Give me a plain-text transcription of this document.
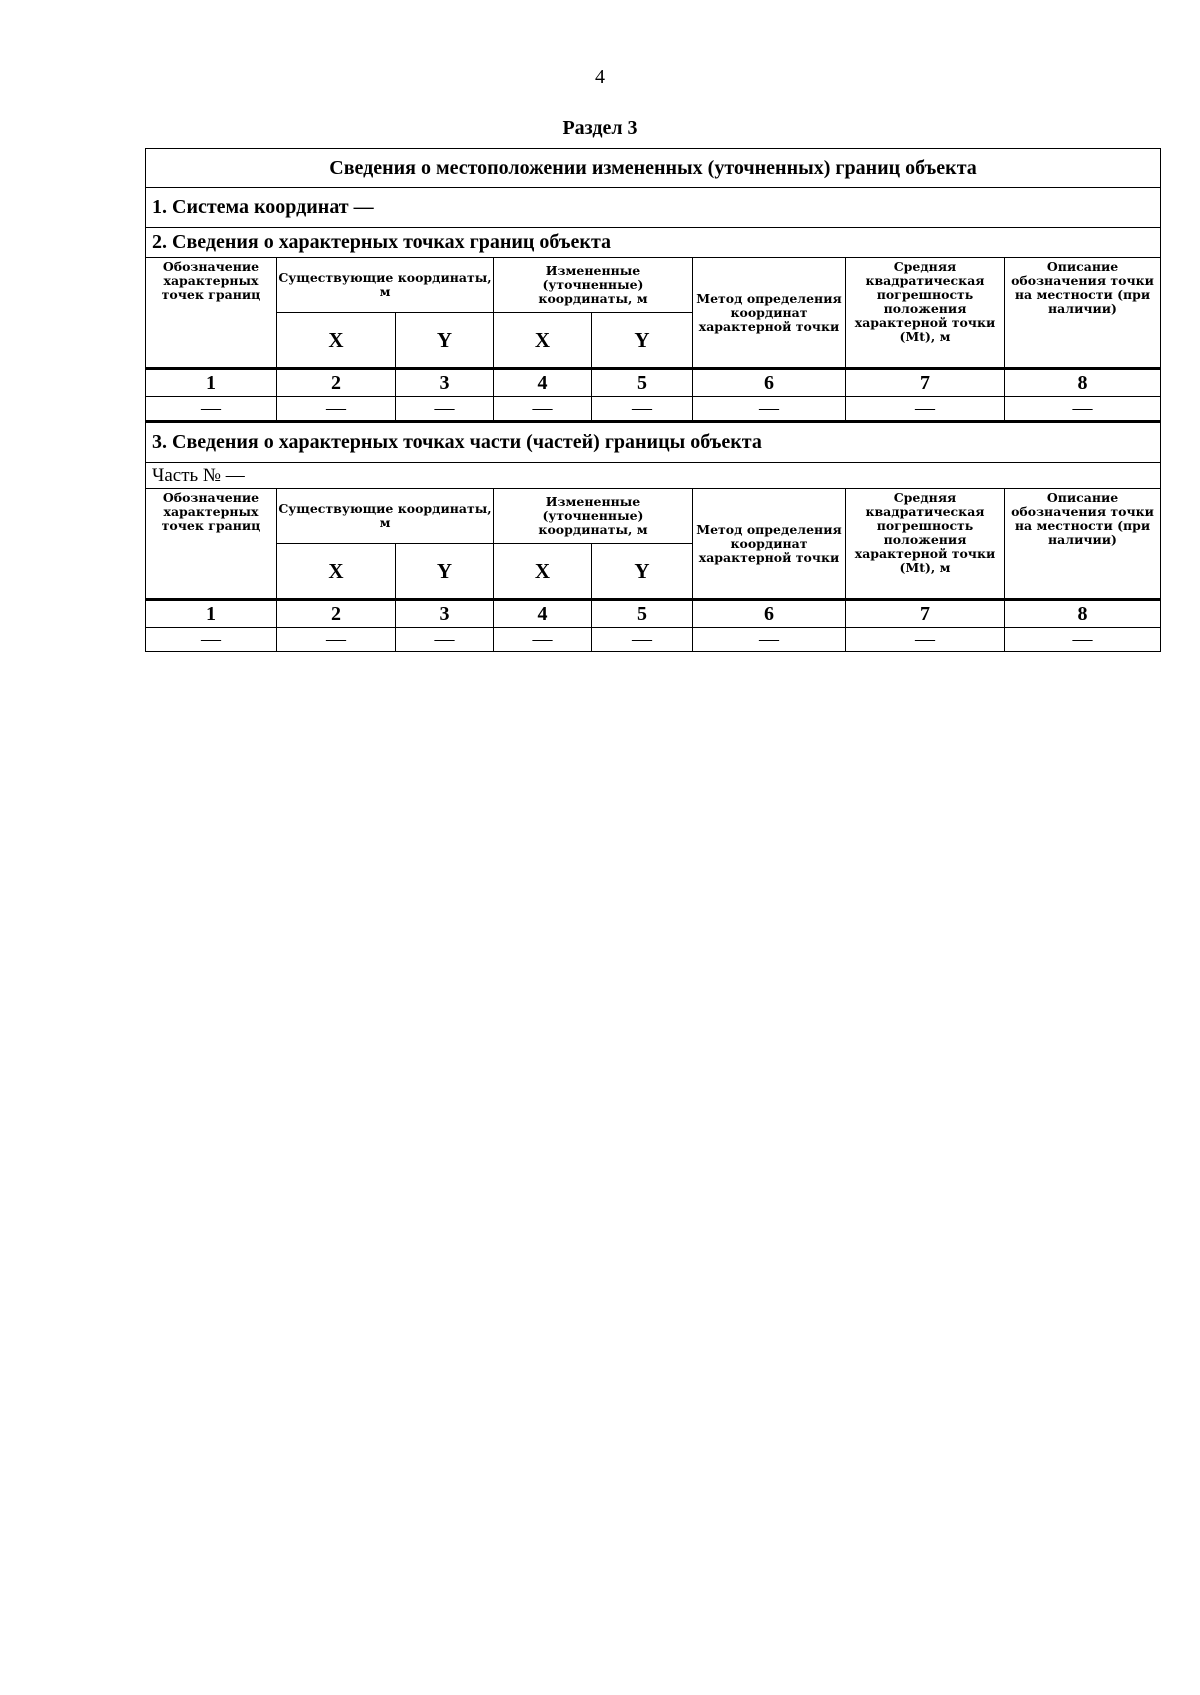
4
Раздел 3
Сведения о местоположении измененных (уточненных) границ объекта							
1. Система координат —							
2. Сведения о характерных точках границ объекта							
Обозначение характерных точек границ	Существующие координаты, м		Измененные (уточненные) координаты, м		Метод определения координат характерной точки	Средняя квадратическая погрешность положения характерной точки (Mt), м	Описание обозначения точки на местности (при наличии)
	X	Y	X	Y			
1	2	3	4	5	6	7	8
—	—	—	—	—	—	—	—
3. Сведения о характерных точках части (частей) границы объекта							
Часть № —							
Обозначение характерных точек границ	Существующие координаты, м		Измененные (уточненные) координаты, м		Метод определения координат характерной точки	Средняя квадратическая погрешность положения характерной точки (Mt), м	Описание обозначения точки на местности (при наличии)
	X	Y	X	Y			
1	2	3	4	5	6	7	8
—	—	—	—	—	—	—	—
